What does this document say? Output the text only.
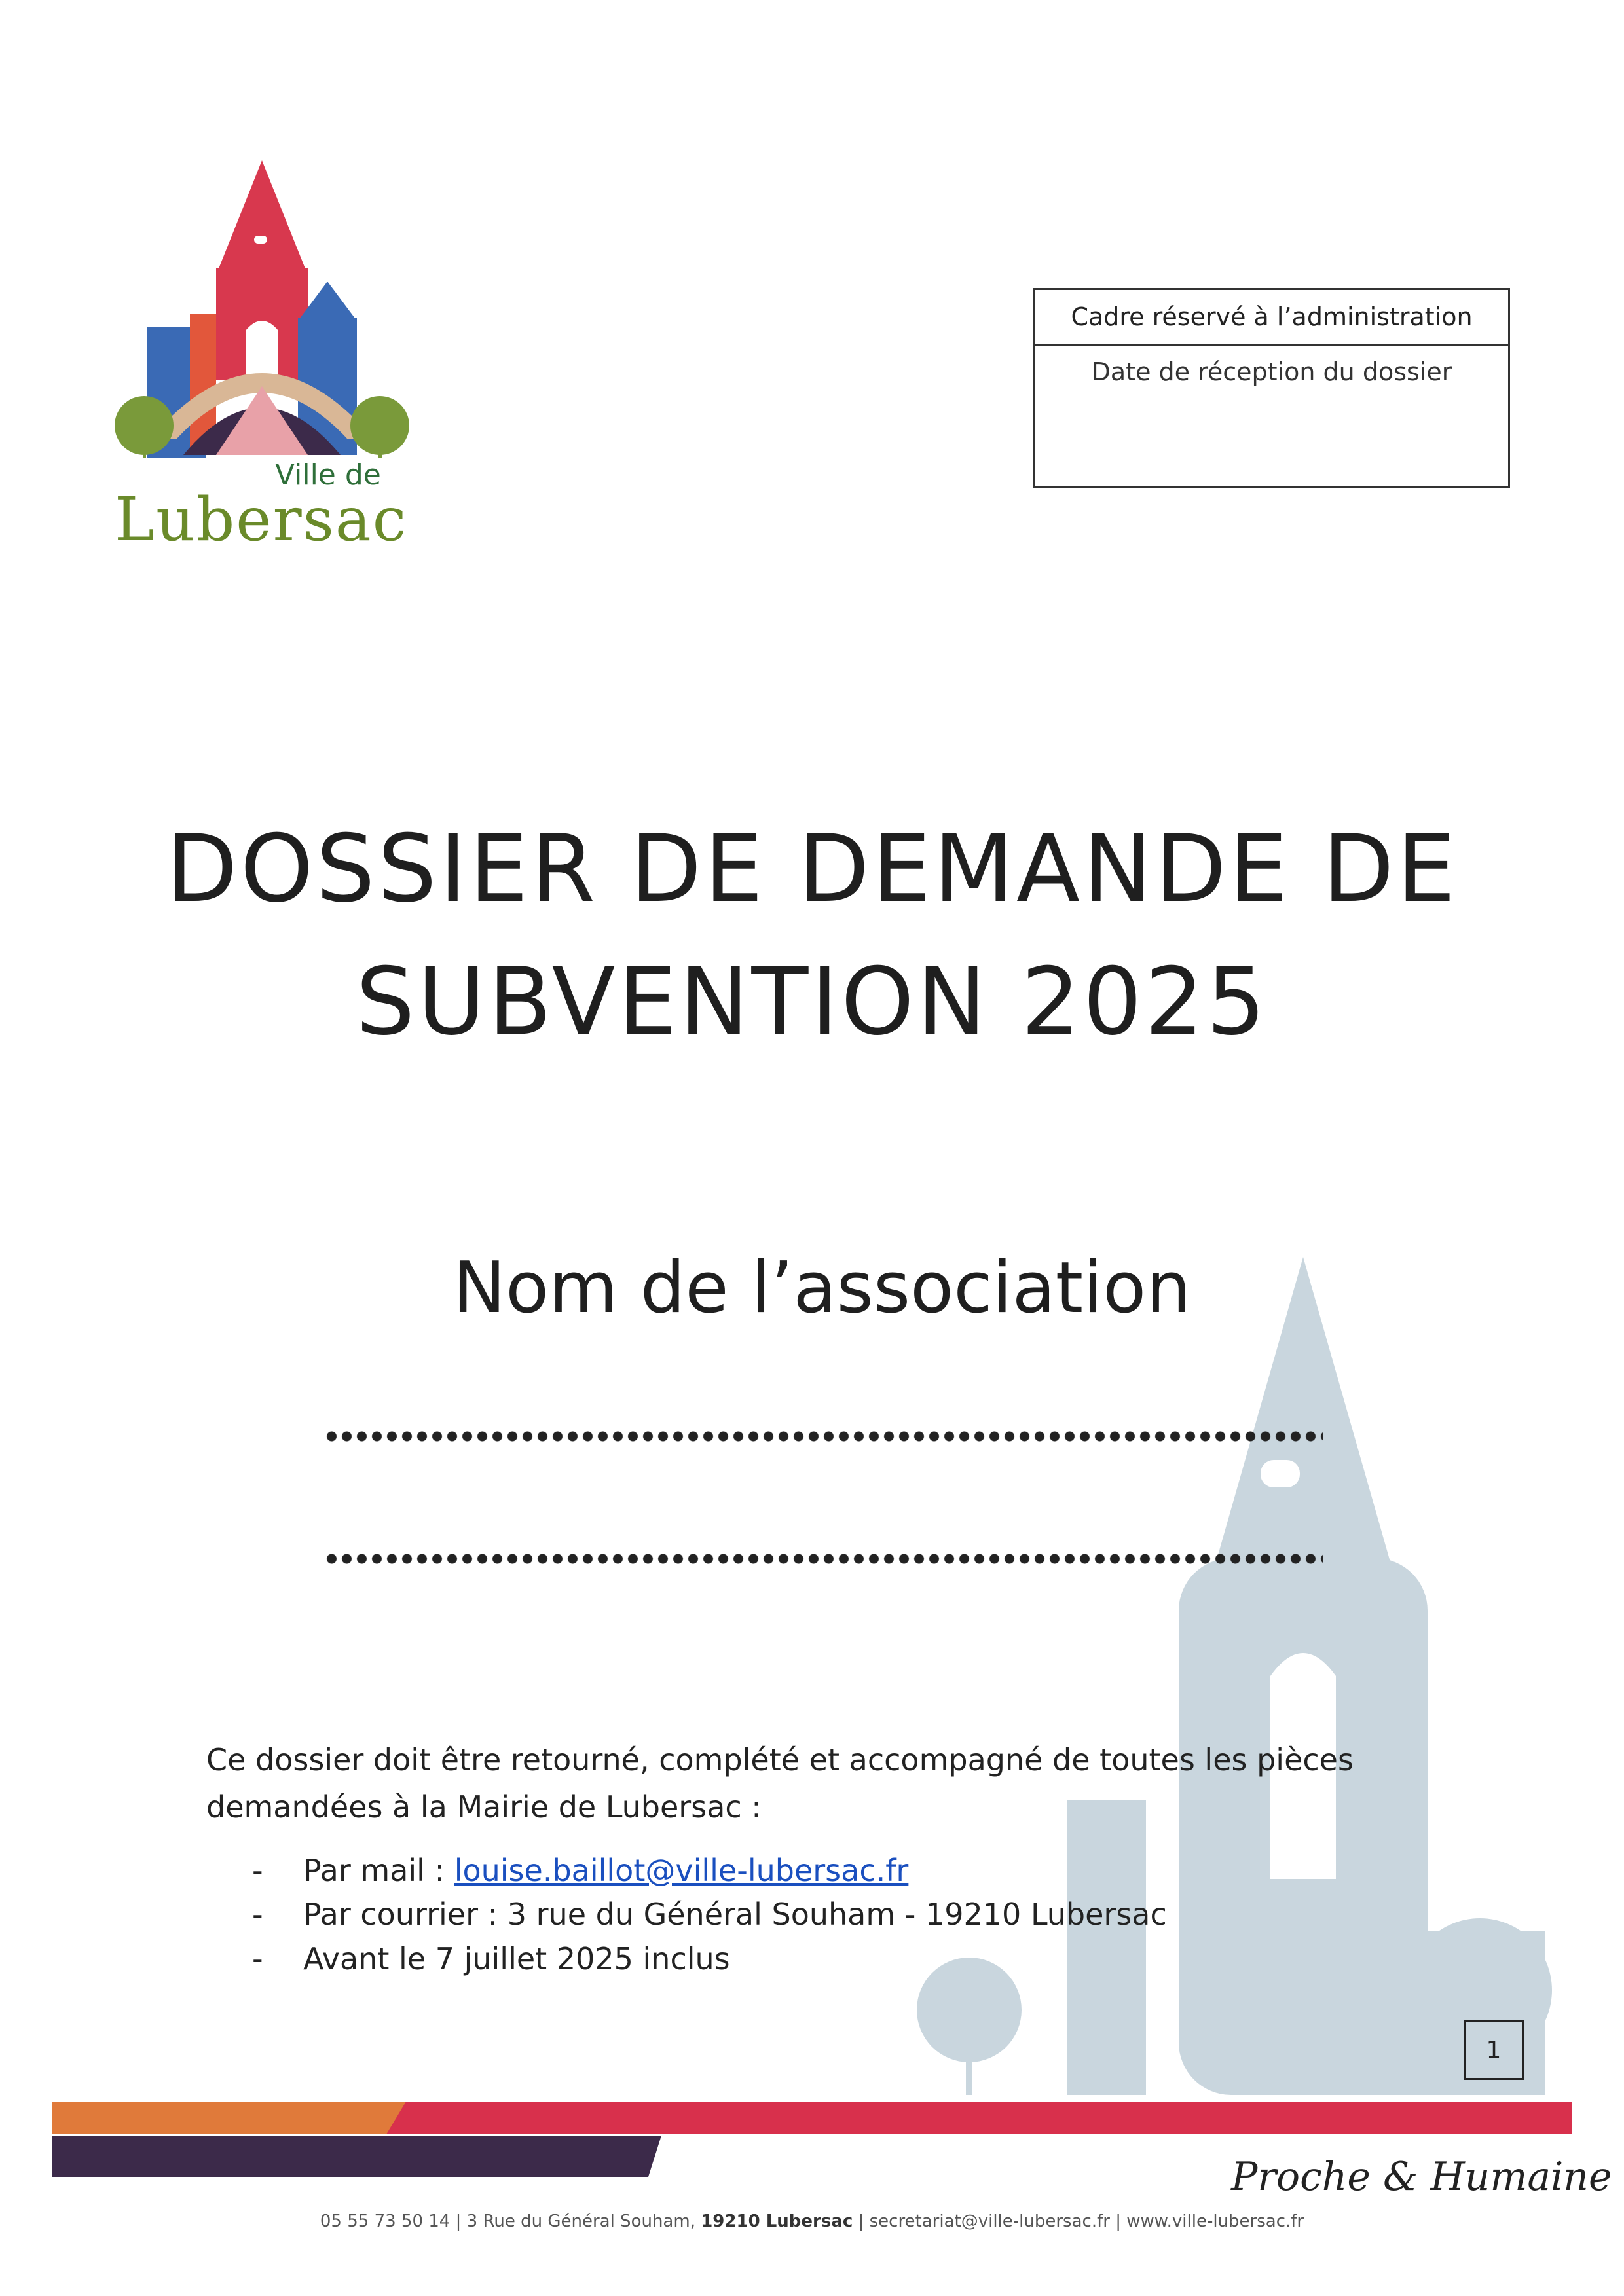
Ville de
Lubersac
Cadre réservé à l’administration
Date de réception du dossier
DOSSIER DE DEMANDE DE
SUBVENTION 2025
Nom de l’association
Ce dossier doit être retourné, complété et accompagné de toutes les pièces
demandées à la Mairie de Lubersac :
- Par mail : louise.baillot@ville-lubersac.fr
- Par courrier : 3 rue du Général Souham - 19210 Lubersac
- Avant le 7 juillet 2025 inclus
1
Proche & Humaine
05 55 73 50 14 | 3 Rue du Général Souham, 19210 Lubersac | secretariat@ville-lubersac.fr | www.ville-lubersac.fr
